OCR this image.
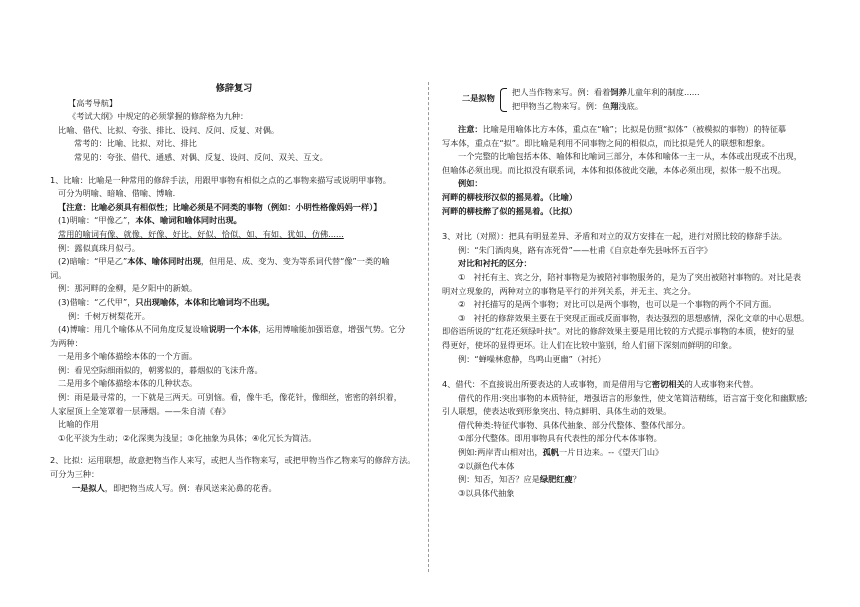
修辞复习

【高考导航】

《考试大纲》中规定的必须掌握的修辞格为九种：

比喻、借代、比拟、夸张、排比、设问、反问、反复、对偶。

常考的：比喻、比拟、对比、排比

常见的：夸张、借代、通感、对偶、反复、设问、反问、双关、互文。

1、比喻：比喻是一种常用的修辞手法，用跟甲事物有相似之点的乙事物来描写或说明甲事物。

可分为明喻、暗喻、借喻、博喻.

【注意：比喻必须具有相似性；比喻必须是不同类的事物（例如：小明性格像妈妈一样）】

(1)明喻：“甲像乙”，本体、喻词和喻体同时出现。

常用的喻词有像、就像、好像、好比、好似、恰似、如、有如、犹如、仿佛......

例：露似真珠月似弓。

(2)暗喻：“甲是乙”本体、喻体同时出现，但用是、成、变为、变为等系词代替“像”一类的喻

词。

例：那河畔的金柳，是夕阳中的新娘。

(3)借喻：“乙代甲”，只出现喻体，本体和比喻词均不出现。

例：千树万树梨花开。

(4)博喻：用几个喻体从不同角度反复设喻说明一个本体，运用博喻能加强语意，增强气势。它分

为两种：

一是用多个喻体描绘本体的一个方面。

例：看见空际细雨似的，朝雾似的，暮烟似的飞沫升落。

二是用多个喻体描绘本体的几种状态。

例：雨是最寻常的，一下就是三两天。可别恼。看，像牛毛，像花针，像细丝，密密的斜织着，

人家屋顶上全笼罩着一层薄烟。——朱自清《春》

比喻的作用

①化平淡为生动；②化深奥为浅显；③化抽象为具体；④化冗长为简洁。

2、比拟：运用联想，故意把物当作人来写，或把人当作物来写，或把甲物当作乙物来写的修辞方法。

可分为三种：

一是拟人，即把物当成人写。例：春风送来沁鼻的花香。

二是拟物

把人当作物来写。例：看着饲养儿童年利的制度......

把甲物当乙物来写。例：鱼翔浅底。

注意：比喻是用喻体比方本体，重点在“喻”；比拟是仿照“拟体”（被模拟的事物）的特征摹

写本体，重点在“拟”。即比喻是利用不同事物之间的相似点，而比拟是凭人的联想和想象。

一个完整的比喻包括本体、喻体和比喻词三部分，本体和喻体一主一从，本体或出现或不出现，

但喻体必须出现。而比拟没有联系词，本体和拟体彼此交融，本体必须出现，拟体一般不出现。

例如：

河畔的柳枝形汉似的摇晃着。（比喻）

河畔的柳枝醉了似的摇晃着。（比拟）

3、对比（对照）：把具有明显差异、矛盾和对立的双方安排在一起，进行对照比较的修辞手法。

例：“朱门酒肉臭，路有冻死骨”——杜甫《自京赴奉先县咏怀五百字》

对比和衬托的区分：

①　衬托有主、宾之分，陪衬事物是为被陪衬事物服务的，是为了突出被陪衬事物的。对比是表

明对立现象的，两种对立的事物是平行的并列关系，并无主、宾之分。

②　衬托描写的是两个事物；对比可以是两个事物，也可以是一个事物的两个不同方面。

③　衬托的修辞效果主要在于突现正面或反面事物，表达强烈的思想感情，深化文章的中心思想。

即俗语所说的“红花还须绿叶扶”。对比的修辞效果主要是用比较的方式提示事物的本质，使好的显

得更好，使坏的显得更坏。让人们在比较中鉴别，给人们留下深刻而鲜明的印象。

例：“蝉噪林愈静，鸟鸣山更幽”（衬托）

4、借代：不直接说出所要表达的人或事物，而是借用与它密切相关的人或事物来代替。

借代的作用:突出事物的本质特征，增强语言的形象性，使文笔简洁精练，语言富于变化和幽默感;

引人联想，使表达收到形象突出、特点鲜明、具体生动的效果。

借代种类:特征代事物、具体代抽象、部分代整体、整体代部分。

①部分代整体。即用事物具有代表性的部分代本体事物。

例如:两岸青山相对出，孤帆一片日边来。--《望天门山》

②以颜色代本体

例：知否，知否？应是绿肥红瘦？

③以具体代抽象
